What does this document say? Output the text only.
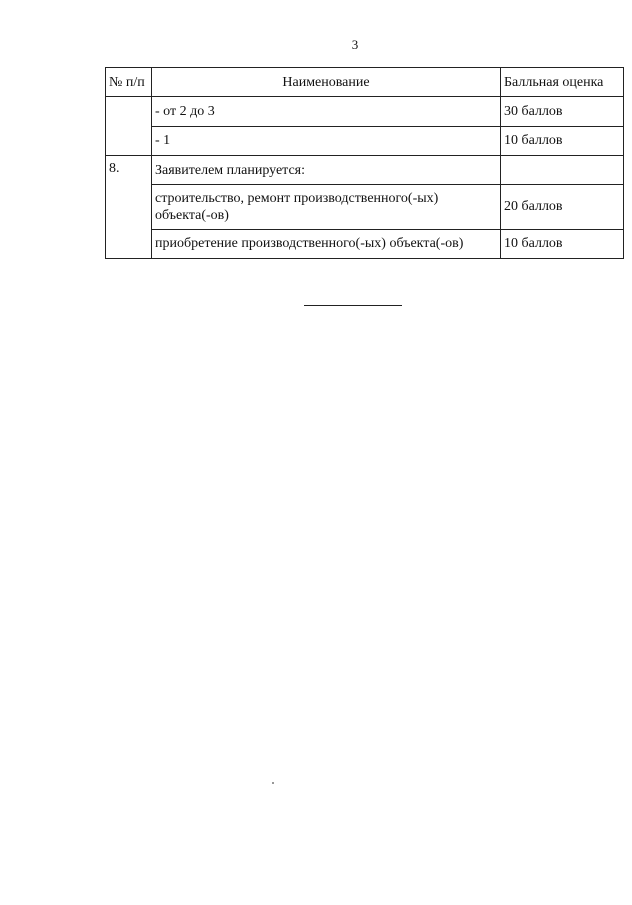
3
№ п/п	Наименование	Балльная оценка
	- от 2 до 3	30 баллов
	- 1	10 баллов
8.	Заявителем планируется:	
	строительство, ремонт производственного(-ых) объекта(-ов)	20 баллов
	приобретение производственного(-ых) объекта(-ов)	10 баллов
